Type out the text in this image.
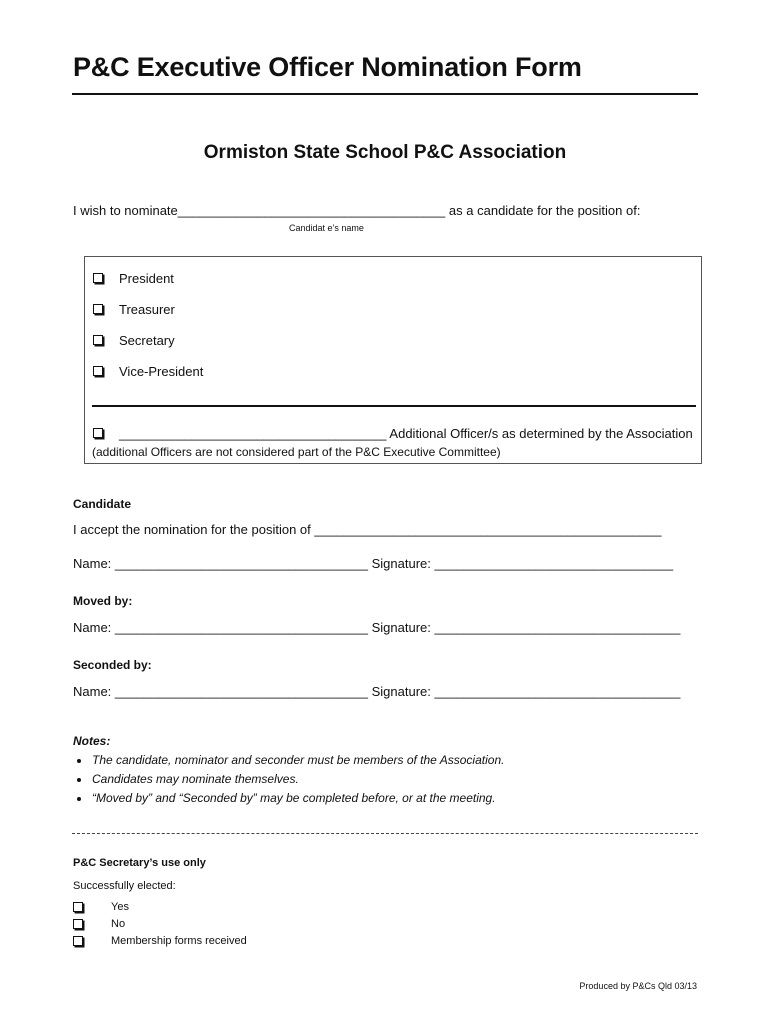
P&C Executive Officer Nomination Form
Ormiston State School P&C Association
I wish to nominate_____________________________________ as a candidate for the position of:
Candidat e’s name
President
Treasurer
Secretary
Vice-President
_____________________________________ Additional Officer/s as determined by the Association
(additional Officers are not considered part of the P&C Executive Committee)
Candidate
I accept the nomination for the position of ________________________________________________
Name: ___________________________________ Signature: _________________________________
Moved by:
Name: ___________________________________ Signature: __________________________________
Seconded by:
Name: ___________________________________ Signature: __________________________________
Notes:
The candidate, nominator and seconder must be members of the Association.
Candidates may nominate themselves.
“Moved by” and “Seconded by” may be completed before, or at the meeting.
P&C Secretary’s use only
Successfully elected:
Yes
No
Membership forms received
Produced by P&Cs Qld 03/13
